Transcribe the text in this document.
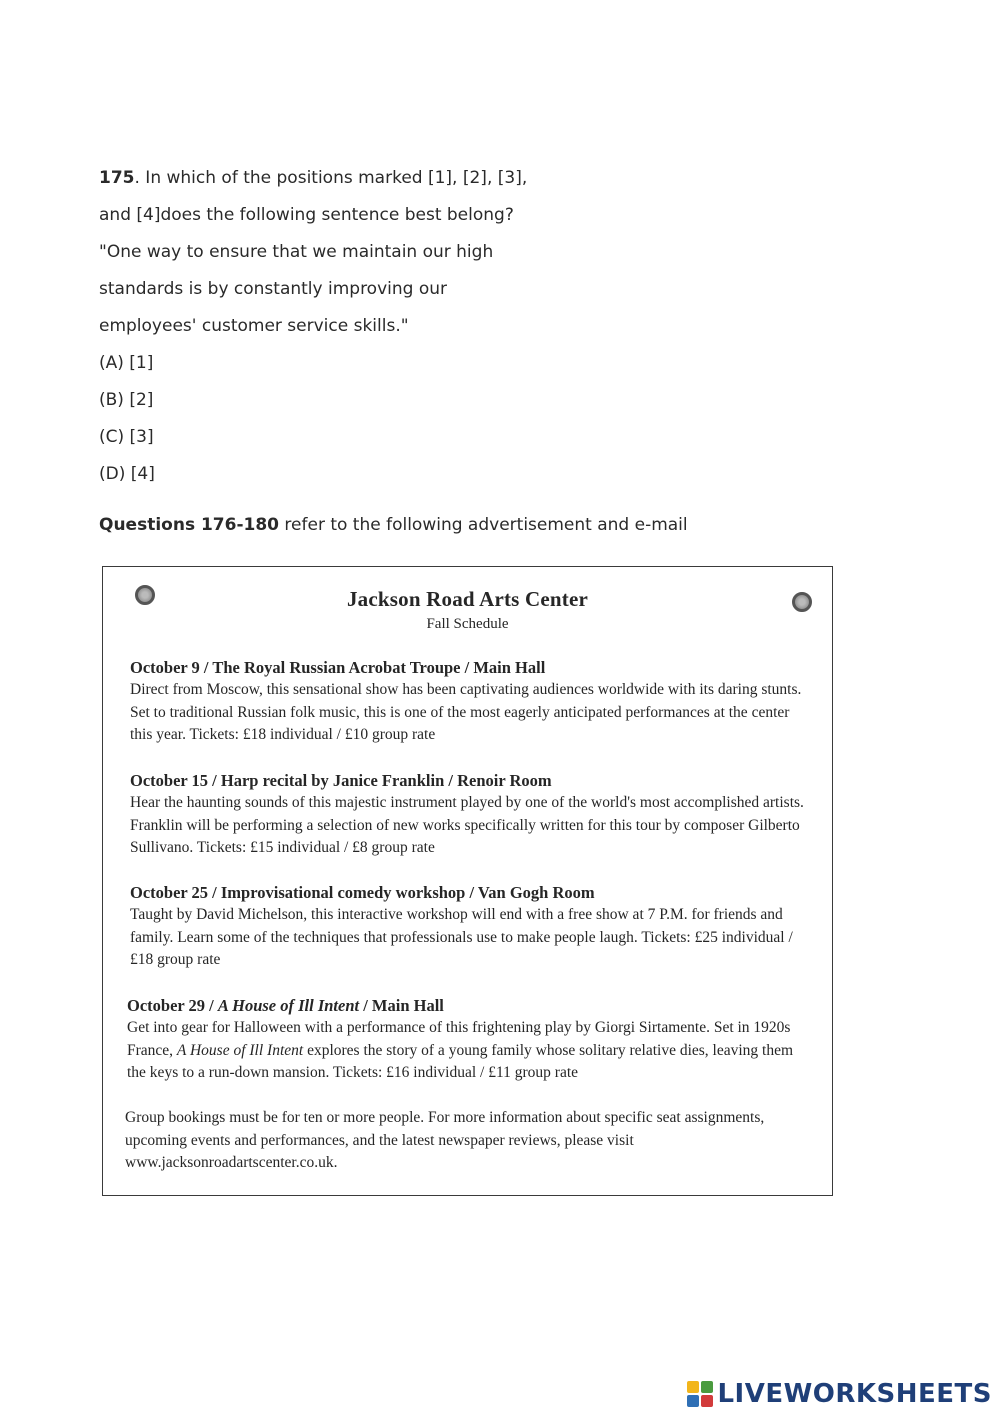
175. In which of the positions marked [1], [2], [3],
and [4]does the following sentence best belong?
"One way to ensure that we maintain our high
standards is by constantly improving our
employees' customer service skills."
(A) [1]
(B) [2]
(C) [3]
(D) [4]
Questions 176-180 refer to the following advertisement and e-mail
Jackson Road Arts Center
Fall Schedule
October 9 / The Royal Russian Acrobat Troupe / Main Hall
Direct from Moscow, this sensational show has been captivating audiences worldwide with its daring stunts. Set to traditional Russian folk music, this is one of the most eagerly anticipated performances at the center this year. Tickets: £18 individual / £10 group rate
October 15 / Harp recital by Janice Franklin / Renoir Room
Hear the haunting sounds of this majestic instrument played by one of the world's most accomplished artists. Franklin will be performing a selection of new works specifically written for this tour by composer Gilberto Sullivano. Tickets: £15 individual / £8 group rate
October 25 / Improvisational comedy workshop / Van Gogh Room
Taught by David Michelson, this interactive workshop will end with a free show at 7 P.M. for friends and family. Learn some of the techniques that professionals use to make people laugh. Tickets: £25 individual / £18 group rate
October 29 / A House of Ill Intent / Main Hall
Get into gear for Halloween with a performance of this frightening play by Giorgi Sirtamente. Set in 1920s France, A House of Ill Intent explores the story of a young family whose solitary relative dies, leaving them the keys to a run-down mansion. Tickets: £16 individual / £11 group rate
Group bookings must be for ten or more people. For more information about specific seat assignments, upcoming events and performances, and the latest newspaper reviews, please visit www.jacksonroadartscenter.co.uk.
LIVEWORKSHEETS
